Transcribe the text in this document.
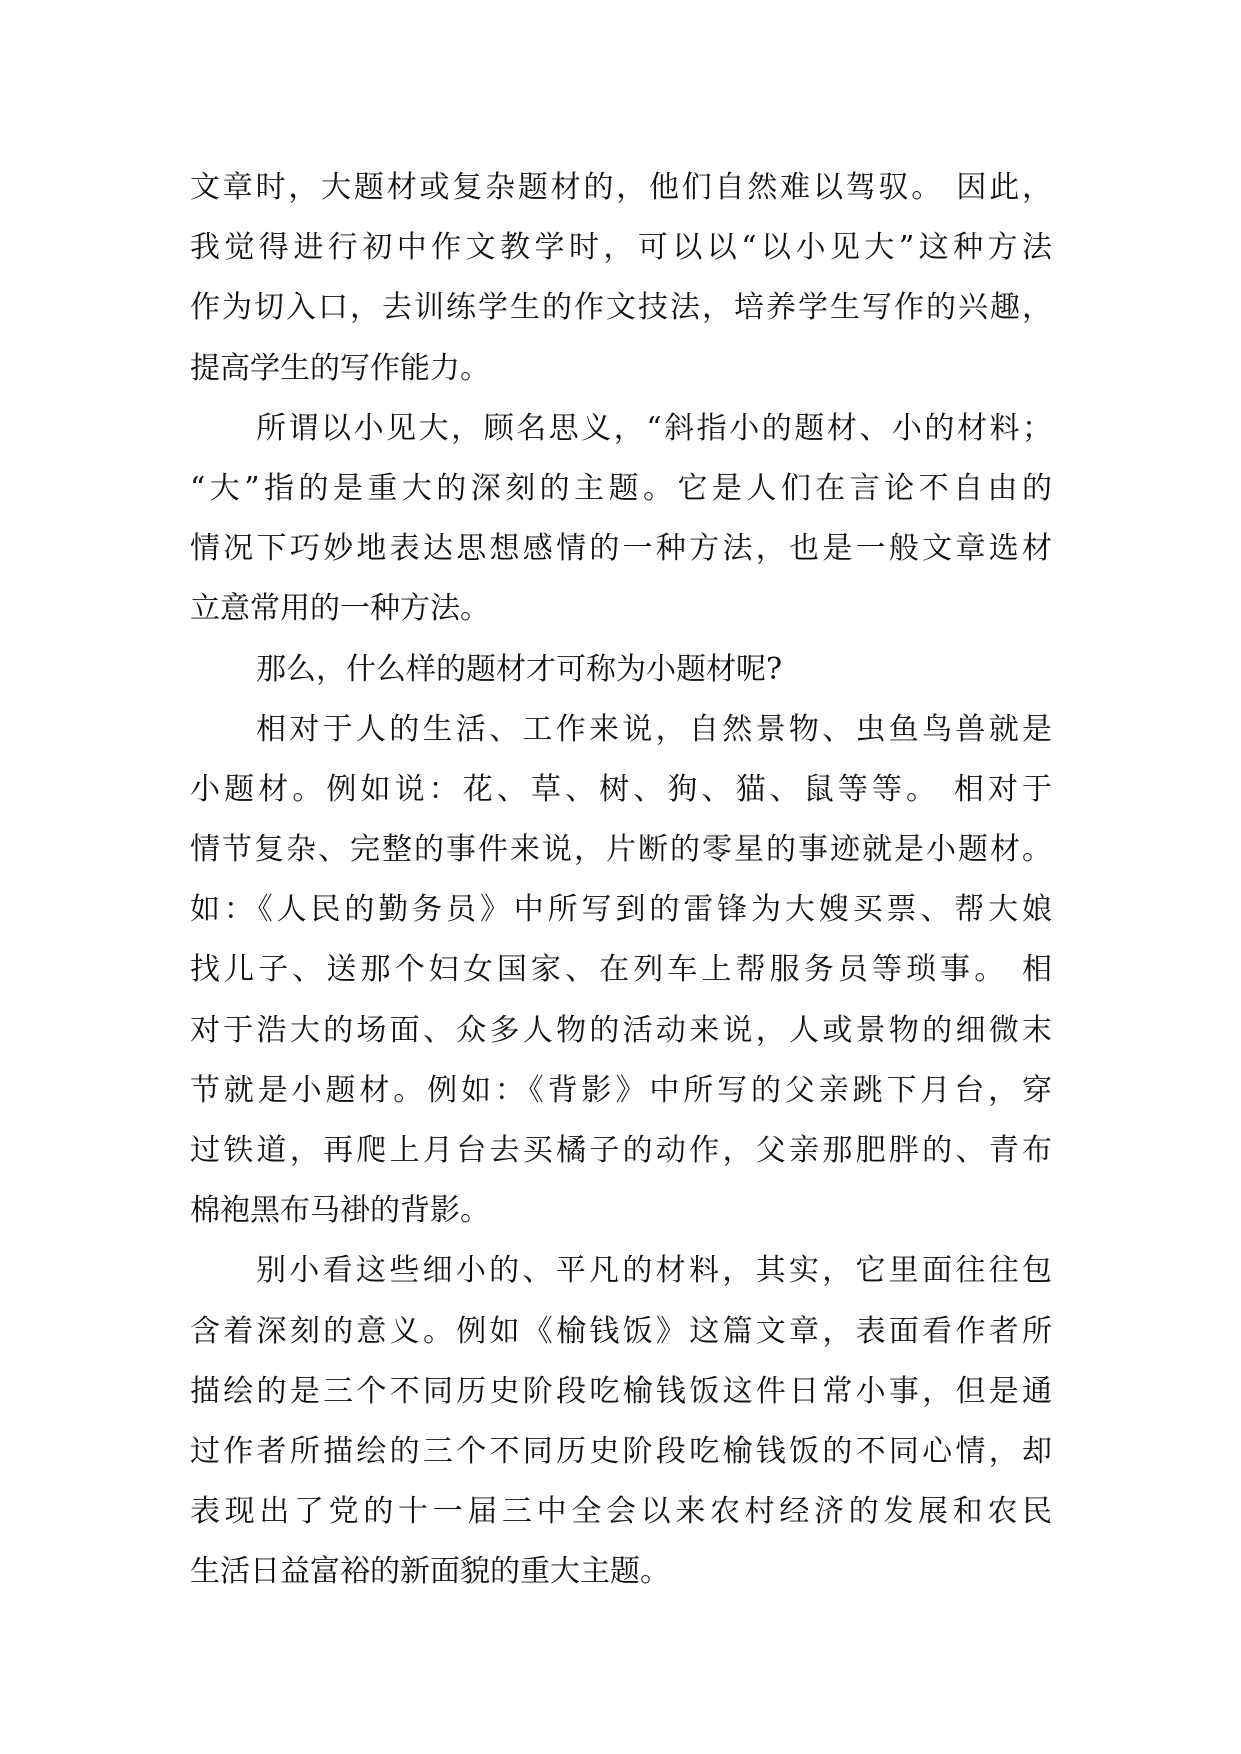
文章时，大题材或复杂题材的，他们自然难以驾驭。 因此，
我觉得进行初中作文教学时，可以以“以小见大”这种方法
作为切入口，去训练学生的作文技法，培养学生写作的兴趣，
提高学生的写作能力。
所谓以小见大，顾名思义，“斜指小的题材、小的材料；
“大”指的是重大的深刻的主题。它是人们在言论不自由的
情况下巧妙地表达思想感情的一种方法，也是一般文章选材
立意常用的一种方法。
那么，什么样的题材才可称为小题材呢?
相对于人的生活、工作来说，自然景物、虫鱼鸟兽就是
小题材。例如说：花、草、树、狗、猫、鼠等等。 相对于
情节复杂、完整的事件来说，片断的零星的事迹就是小题材。
如：《人民的勤务员》中所写到的雷锋为大嫂买票、帮大娘
找儿子、送那个妇女国家、在列车上帮服务员等琐事。 相
对于浩大的场面、众多人物的活动来说，人或景物的细微末
节就是小题材。例如：《背影》中所写的父亲跳下月台，穿
过铁道，再爬上月台去买橘子的动作，父亲那肥胖的、青布
棉袍黑布马褂的背影。
别小看这些细小的、平凡的材料，其实，它里面往往包
含着深刻的意义。例如《榆钱饭》这篇文章，表面看作者所
描绘的是三个不同历史阶段吃榆钱饭这件日常小事，但是通
过作者所描绘的三个不同历史阶段吃榆钱饭的不同心情，却
表现出了党的十一届三中全会以来农村经济的发展和农民
生活日益富裕的新面貌的重大主题。
